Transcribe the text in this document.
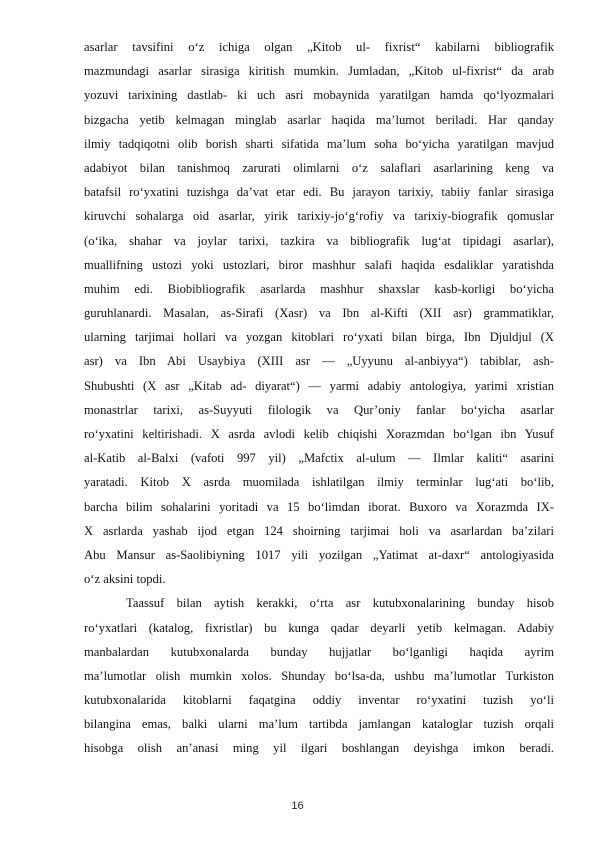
asarlar tavsifini o‘z ichiga olgan „Kitob ul- fixrist“ kabilarni bibliografik
mazmundagi asarlar sirasiga kiritish mumkin. Jumladan, „Kitob ul-fixrist“ da arab
yozuvi tarixining dastlab- ki uch asri mobaynida yaratilgan hamda qo‘lyozmalari
bizgacha yetib kelmagan minglab asarlar haqida ma’lumot beriladi. Har qanday
ilmiy tadqiqotni olib borish sharti sifatida ma’lum soha bo‘yicha yaratilgan mavjud
adabiyot bilan tanishmoq zarurati olimlarni o‘z salaflari asarlarining keng va
batafsil ro‘yxatini tuzishga da’vat etar edi. Bu jarayon tarixiy, tabiiy fanlar sirasiga
kiruvchi sohalarga oid asarlar, yirik tarixiy-jo‘g‘rofiy va tarixiy-biografik qomuslar
(o‘ika, shahar va joylar tarixi, tazkira va bibliografik lug‘at tipidagi asarlar),
muallifning ustozi yoki ustozlari, biror mashhur salafi haqida esdaliklar yaratishda
muhim edi. Biobibliografik asarlarda mashhur shaxslar kasb-korligi bo‘yicha
guruhlanardi. Masalan, as-Sirafi (Xasr) va Ibn al-Kifti (XII asr) grammatiklar,
ularning tarjimai hollari va yozgan kitoblari ro‘yxati bilan birga, Ibn Djuldjul (X
asr) va Ibn Abi Usaybiya (XIII asr — „Uyyunu al-anbiyya“) tabiblar, ash-
Shubushti (X asr „Kitab ad- diyarat“) — yarmi adabiy antologiya, yarimi xristian
monastrlar tarixi, as-Suyyuti filologik va Qur’oniy fanlar bo‘yicha asarlar
ro‘yxatini keltirishadi. X asrda avlodi kelib chiqishi Xorazmdan bo‘lgan ibn Yusuf
al-Katib al-Balxi (vafoti 997 yil) „Mafctix al-ulum — Ilmlar kaliti“ asarini
yaratadi. Kitob X asrda muomilada ishlatilgan ilmiy terminlar lug‘ati bo‘lib,
barcha bilim sohalarini yoritadi va 15 bo‘limdan iborat. Buxoro va Xorazmda IX-
X asrlarda yashab ijod etgan 124 shoirning tarjimai holi va asarlardan ba’zilari
Abu Mansur as-Saolibiyning 1017 yili yozilgan „Yatimat at-daxr“ antologiyasida
o‘z aksini topdi.
Taassuf bilan aytish kerakki, o‘rta asr kutubxonalarining bunday hisob
ro‘yxatlari (katalog, fixristlar) bu kunga qadar deyarli yetib kelmagan. Adabiy
manbalardan kutubxonalarda bunday hujjatlar bo‘lganligi haqida ayrim
ma’lumotlar olish mumkin xolos. Shunday bo‘lsa-da, ushbu ma’lumotlar Turkiston
kutubxonalarida kitoblarni faqatgina oddiy inventar ro‘yxatini tuzish yo‘li
bilangina emas, balki ularni ma’lum tartibda jamlangan kataloglar tuzish orqali
hisobga olish an’anasi ming yil ilgari boshlangan deyishga imkon beradi.
16
